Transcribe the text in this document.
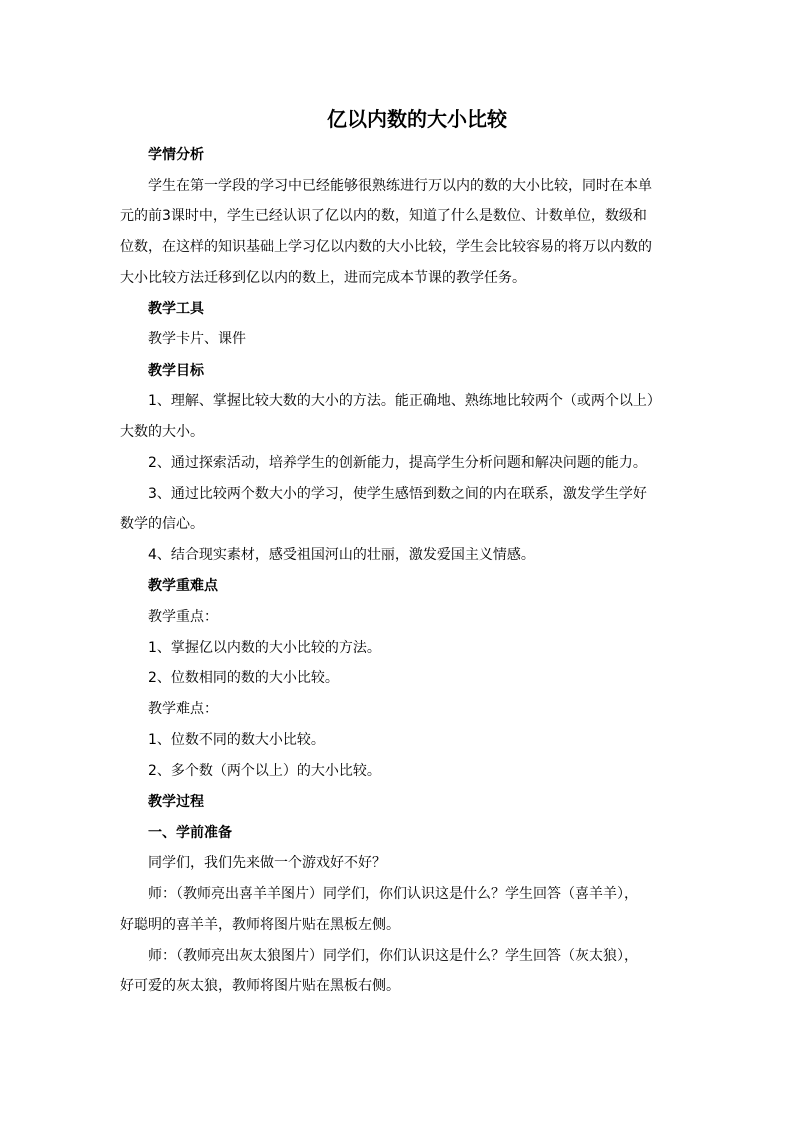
亿以内数的大小比较
学情分析
学生在第一学段的学习中已经能够很熟练进行万以内的数的大小比较，同时在本单
元的前3课时中，学生已经认识了亿以内的数，知道了什么是数位、计数单位，数级和
位数，在这样的知识基础上学习亿以内数的大小比较，学生会比较容易的将万以内数的
大小比较方法迁移到亿以内的数上，进而完成本节课的教学任务。
教学工具
教学卡片、课件
教学目标
1、理解、掌握比较大数的大小的方法。能正确地、熟练地比较两个（或两个以上）
大数的大小。
2、通过探索活动，培养学生的创新能力，提高学生分析问题和解决问题的能力。
3、通过比较两个数大小的学习，使学生感悟到数之间的内在联系，激发学生学好
数学的信心。
4、结合现实素材，感受祖国河山的壮丽，激发爱国主义情感。
教学重难点
教学重点：
1、掌握亿以内数的大小比较的方法。
2、位数相同的数的大小比较。
教学难点：
1、位数不同的数大小比较。
2、多个数（两个以上）的大小比较。
教学过程
一、学前准备
同学们，我们先来做一个游戏好不好？
师：（教师亮出喜羊羊图片）同学们，你们认识这是什么？学生回答（喜羊羊），
好聪明的喜羊羊，教师将图片贴在黑板左侧。
师：（教师亮出灰太狼图片）同学们，你们认识这是什么？学生回答（灰太狼），
好可爱的灰太狼，教师将图片贴在黑板右侧。
